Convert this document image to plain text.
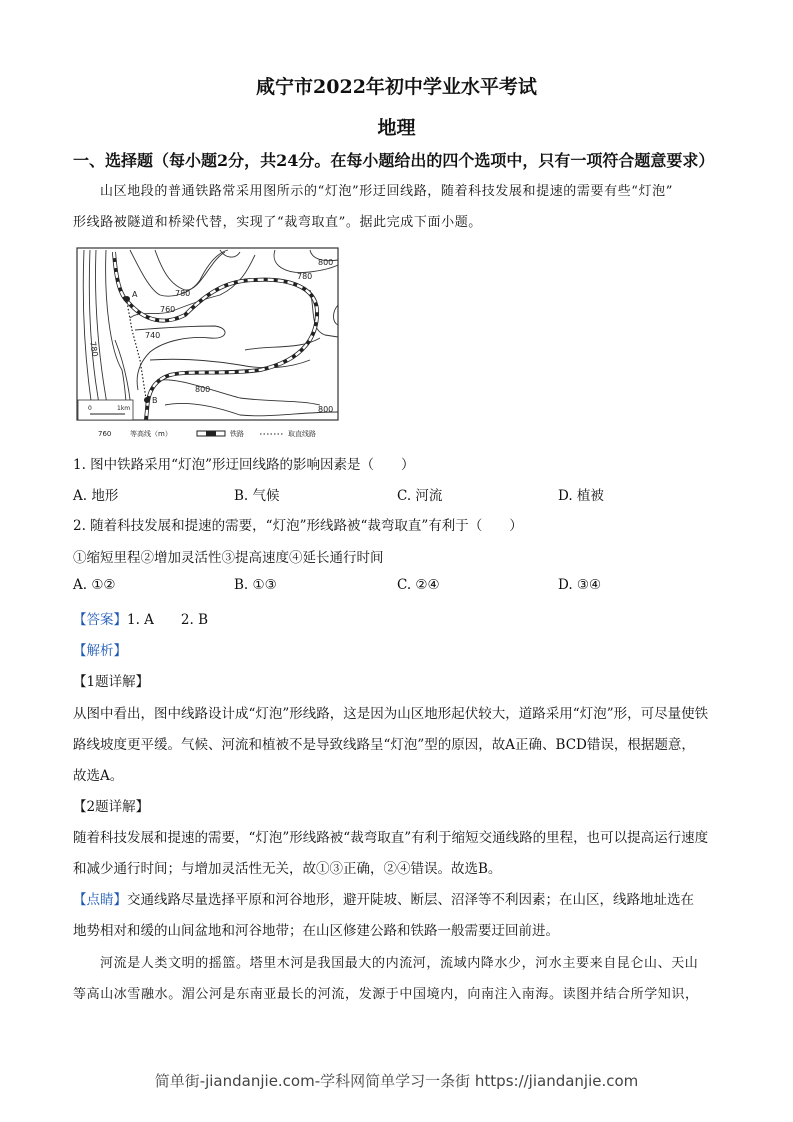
咸宁市2022年初中学业水平考试
地理
一、选择题（每小题2分，共24分。在每小题给出的四个选项中，只有一项符合题意要求）
山区地段的普通铁路常采用图所示的“灯泡”形迂回线路，随着科技发展和提速的需要有些“灯泡”
形线路被隧道和桥梁代替，实现了“裁弯取直”。据此完成下面小题。
A
B
800
780
780
760
740
780
800
800
0	1km
760	等高线（m）	铁路	取直线路
1. 图中铁路采用“灯泡”形迂回线路的影响因素是（　　）
A. 地形	B. 气候	C. 河流	D. 植被
2. 随着科技发展和提速的需要，“灯泡”形线路被“裁弯取直”有利于（　　）
①缩短里程②增加灵活性③提高速度④延长通行时间
A. ①②	B. ①③	C. ②④	D. ③④
【答案】1. A　　2. B
【解析】
【1题详解】
从图中看出，图中线路设计成“灯泡”形线路，这是因为山区地形起伏较大，道路采用“灯泡”形，可尽量使铁
路线坡度更平缓。气候、河流和植被不是导致线路呈“灯泡”型的原因，故A正确、BCD错误，根据题意，
故选A。
【2题详解】
随着科技发展和提速的需要，“灯泡”形线路被“裁弯取直”有利于缩短交通线路的里程，也可以提高运行速度
和减少通行时间；与增加灵活性无关，故①③正确，②④错误。故选B。
【点睛】交通线路尽量选择平原和河谷地形，避开陡坡、断层、沼泽等不利因素；在山区，线路地址选在
地势相对和缓的山间盆地和河谷地带；在山区修建公路和铁路一般需要迂回前进。
河流是人类文明的摇篮。塔里木河是我国最大的内流河，流域内降水少，河水主要来自昆仑山、天山
等高山冰雪融水。湄公河是东南亚最长的河流，发源于中国境内，向南注入南海。读图并结合所学知识，
简单街-jiandanjie.com-学科网简单学习一条街 https://jiandanjie.com
